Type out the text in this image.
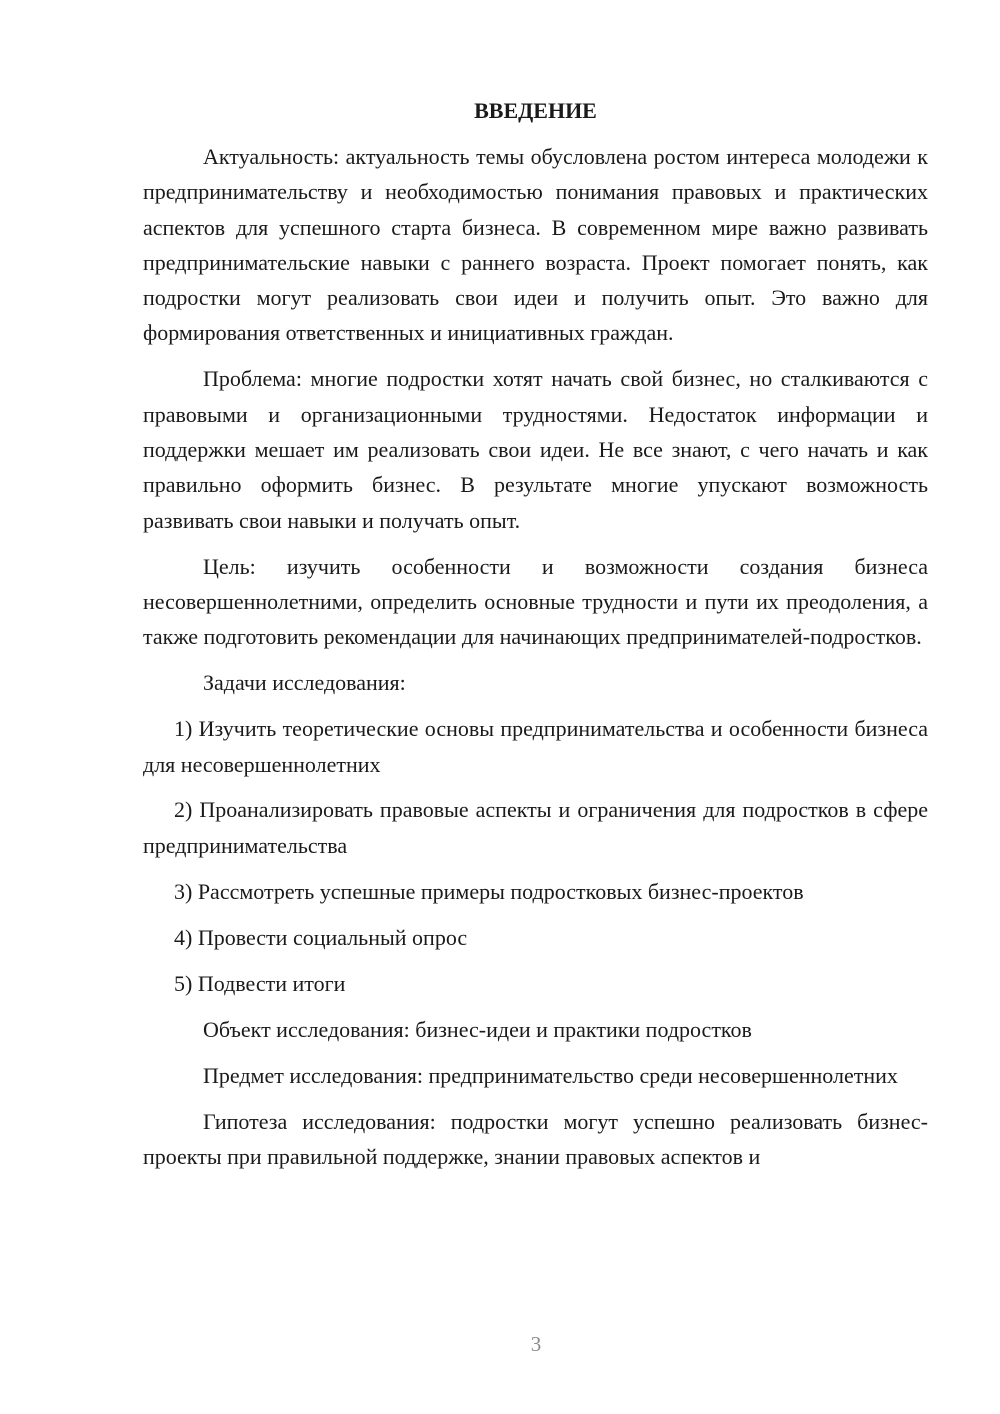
ВВЕДЕНИЕ

Актуальность: актуальность темы обусловлена ростом интереса молодежи к предпринимательству и необходимостью понимания правовых и практических аспектов для успешного старта бизнеса. В современном мире важно развивать предпринимательские навыки с раннего возраста. Проект помогает понять, как подростки могут реализовать свои идеи и получить опыт. Это важно для формирования ответственных и инициативных граждан.

Проблема: многие подростки хотят начать свой бизнес, но сталкиваются с правовыми и организационными трудностями. Недостаток информации и поддержки мешает им реализовать свои идеи. Не все знают, с чего начать и как правильно оформить бизнес. В результате многие упускают возможность развивать свои навыки и получать опыт.

Цель: изучить особенности и возможности создания бизнеса несовершеннолетними, определить основные трудности и пути их преодоления, а также подготовить рекомендации для начинающих предпринимателей-подростков.

Задачи исследования:

1) Изучить теоретические основы предпринимательства и особенности бизнеса для несовершеннолетних

2) Проанализировать правовые аспекты и ограничения для подростков в сфере предпринимательства

3) Рассмотреть успешные примеры подростковых бизнес-проектов

4) Провести социальный опрос

5) Подвести итоги

Объект исследования: бизнес-идеи и практики подростков

Предмет исследования: предпринимательство среди несовершеннолетних

Гипотеза исследования: подростки могут успешно реализовать бизнес-проекты при правильной поддержке, знании правовых аспектов и

3
